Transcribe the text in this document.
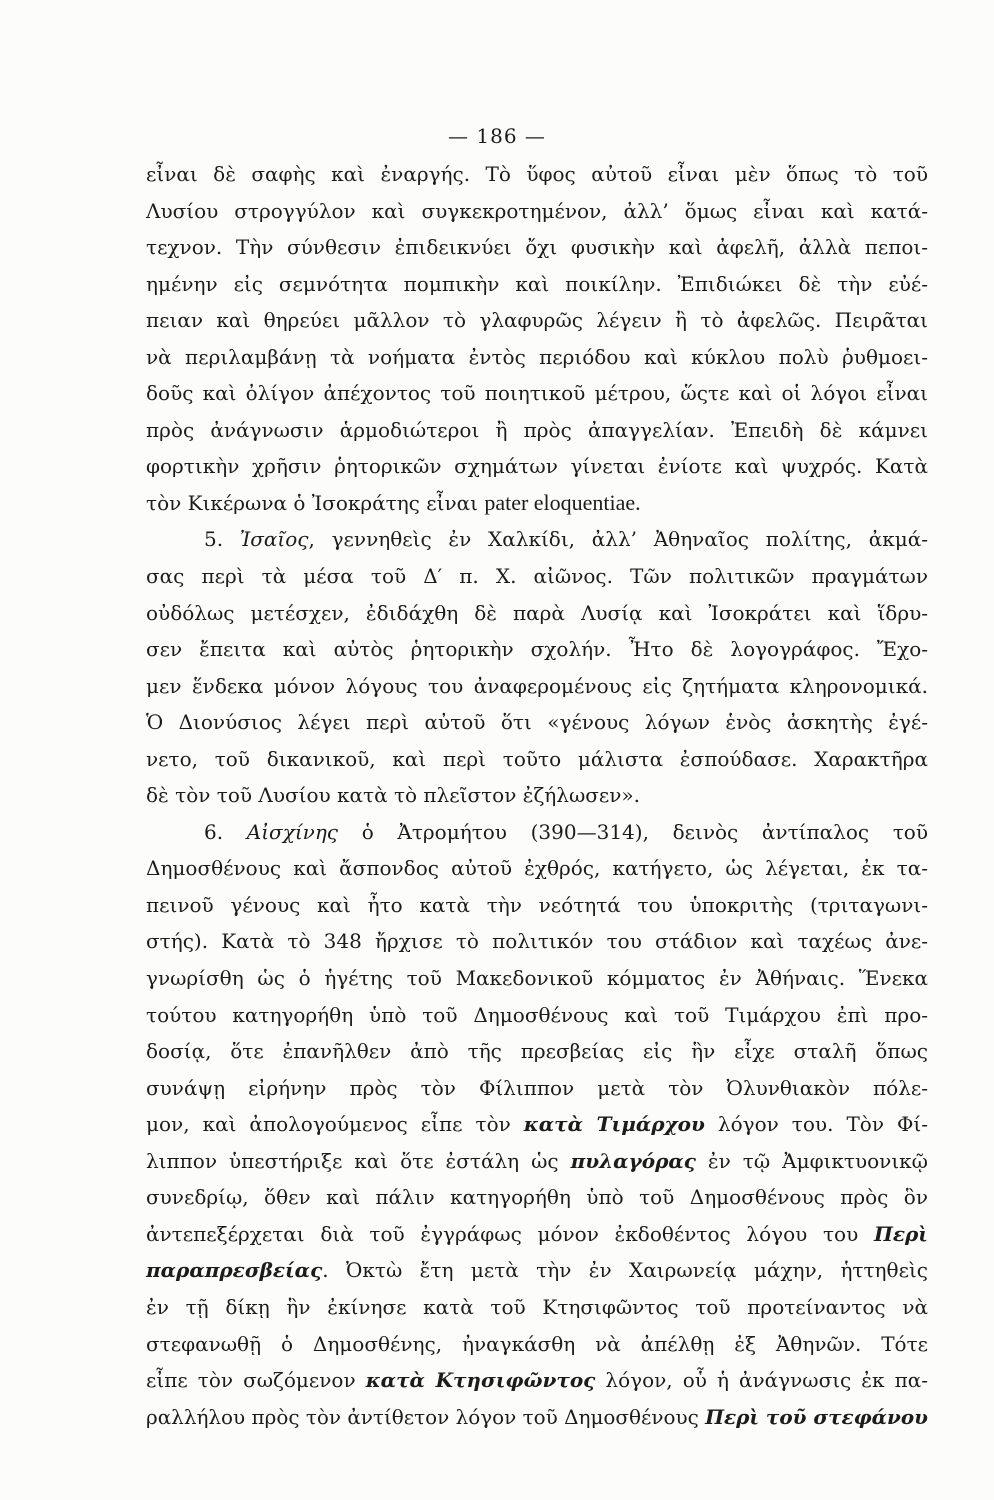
— 186 —
εἶναι δὲ σαφὴς καὶ ἐναργής. Τὸ ὕφος αὐτοῦ εἶναι μὲν ὅπως τὸ τοῦ
Λυσίου στρογγύλον καὶ συγκεκροτημένον, ἀλλ’ ὅμως εἶναι καὶ κατά-
τεχνον. Τὴν σύνθεσιν ἐπιδεικνύει ὄχι φυσικὴν καὶ ἀφελῆ, ἀλλὰ πεποι-
ημένην εἰς σεμνότητα πομπικὴν καὶ ποικίλην. Ἐπιδιώκει δὲ τὴν εὐέ-
πειαν καὶ θηρεύει μᾶλλον τὸ γλαφυρῶς λέγειν ἢ τὸ ἀφελῶς. Πειρᾶται
νὰ περιλαμβάνῃ τὰ νοήματα ἐντὸς περιόδου καὶ κύκλου πολὺ ῥυθμοει-
δοῦς καὶ ὀλίγον ἀπέχοντος τοῦ ποιητικοῦ μέτρου, ὥςτε καὶ οἱ λόγοι εἶναι
πρὸς ἀνάγνωσιν ἁρμοδιώτεροι ἢ πρὸς ἀπαγγελίαν. Ἐπειδὴ δὲ κάμνει
φορτικὴν χρῆσιν ῥητορικῶν σχημάτων γίνεται ἐνίοτε καὶ ψυχρός. Κατὰ
τὸν Κικέρωνα ὁ Ἰσοκράτης εἶναι pater eloquentiae.
5. Ἰσαῖος, γεννηθεὶς ἐν Χαλκίδι, ἀλλ’ Ἀθηναῖος πολίτης, ἀκμά-
σας περὶ τὰ μέσα τοῦ Δ′ π. Χ. αἰῶνος. Τῶν πολιτικῶν πραγμάτων
οὐδόλως μετέσχεν, ἐδιδάχθη δὲ παρὰ Λυσίᾳ καὶ Ἰσοκράτει καὶ ἵδρυ-
σεν ἔπειτα καὶ αὐτὸς ῥητορικὴν σχολήν. Ἦτο δὲ λογογράφος. Ἔχο-
μεν ἕνδεκα μόνον λόγους του ἀναφερομένους εἰς ζητήματα κληρονομικά.
Ὁ Διονύσιος λέγει περὶ αὐτοῦ ὅτι «γένους λόγων ἑνὸς ἀσκητὴς ἐγέ-
νετο, τοῦ δικανικοῦ, καὶ περὶ τοῦτο μάλιστα ἐσπούδασε. Χαρακτῆρα
δὲ τὸν τοῦ Λυσίου κατὰ τὸ πλεῖστον ἐζήλωσεν».
6. Αἰσχίνης ὁ Ἀτρομήτου (390—314), δεινὸς ἀντίπαλος τοῦ
Δημοσθένους καὶ ἄσπονδος αὐτοῦ ἐχθρός, κατήγετο, ὡς λέγεται, ἐκ τα-
πεινοῦ γένους καὶ ἦτο κατὰ τὴν νεότητά του ὑποκριτὴς (τριταγωνι-
στής). Κατὰ τὸ 348 ἤρχισε τὸ πολιτικόν του στάδιον καὶ ταχέως ἀνε-
γνωρίσθη ὡς ὁ ἡγέτης τοῦ Μακεδονικοῦ κόμματος ἐν Ἀθήναις. Ἕνεκα
τούτου κατηγορήθη ὑπὸ τοῦ Δημοσθένους καὶ τοῦ Τιμάρχου ἐπὶ προ-
δοσίᾳ, ὅτε ἐπανῆλθεν ἀπὸ τῆς πρεσβείας εἰς ἣν εἶχε σταλῆ ὅπως
συνάψῃ εἰρήνην πρὸς τὸν Φίλιππον μετὰ τὸν Ὀλυνθιακὸν πόλε-
μον, καὶ ἀπολογούμενος εἶπε τὸν κατὰ Τιμάρχου λόγον του. Τὸν Φί-
λιππον ὑπεστήριξε καὶ ὅτε ἐστάλη ὡς πυλαγόρας ἐν τῷ Ἀμφικτυονικῷ
συνεδρίῳ, ὅθεν καὶ πάλιν κατηγορήθη ὑπὸ τοῦ Δημοσθένους πρὸς ὃν
ἀντεπεξέρχεται διὰ τοῦ ἐγγράφως μόνον ἐκδοθέντος λόγου του Περὶ
παραπρεσβείας. Ὀκτὼ ἔτη μετὰ τὴν ἐν Χαιρωνείᾳ μάχην, ἡττηθεὶς
ἐν τῇ δίκῃ ἣν ἐκίνησε κατὰ τοῦ Κτησιφῶντος τοῦ προτείναντος νὰ
στεφανωθῇ ὁ Δημοσθένης, ἠναγκάσθη νὰ ἀπέλθῃ ἐξ Ἀθηνῶν. Τότε
εἶπε τὸν σωζόμενον κατὰ Κτησιφῶντος λόγον, οὗ ἡ ἀνάγνωσις ἐκ πα-
ραλλήλου πρὸς τὸν ἀντίθετον λόγον τοῦ Δημοσθένους Περὶ τοῦ στεφάνου
